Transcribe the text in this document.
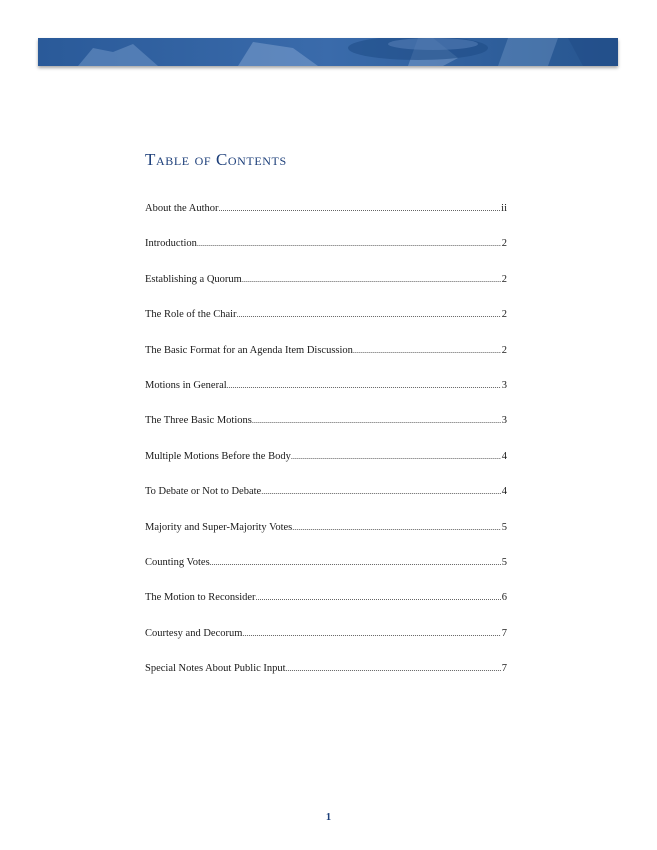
Table of Contents
About the Author .....	ii
Introduction .....	2
Establishing a Quorum .....	2
The Role of the Chair .....	2
The Basic Format for an Agenda Item Discussion .....	2
Motions in General .....	3
The Three Basic Motions .....	3
Multiple Motions Before the Body .....	4
To Debate or Not to Debate .....	4
Majority and Super-Majority Votes .....	5
Counting Votes .....	5
The Motion to Reconsider .....	6
Courtesy and Decorum .....	7
Special Notes About Public Input .....	7
1
